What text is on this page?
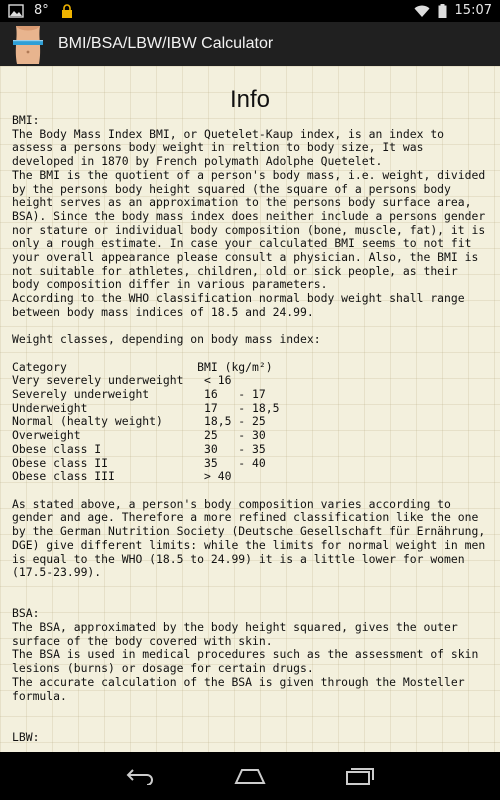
8°	15:07
BMI/BSA/LBW/IBW Calculator
Info
BMI:
The Body Mass Index BMI, or Quetelet-Kaup index, is an index to
assess a persons body weight in reltion to body size, It was
developed in 1870 by French polymath Adolphe Quetelet.
The BMI is the quotient of a person's body mass, i.e. weight, divided
by the persons body height squared (the square of a persons body
height serves as an approximation to the persons body surface area,
BSA). Since the body mass index does neither include a persons gender
nor stature or individual body composition (bone, muscle, fat), it is
only a rough estimate. In case your calculated BMI seems to not fit
your overall appearance please consult a physician. Also, the BMI is
not suitable for athletes, children, old or sick people, as their
body composition differ in various parameters.
According to the WHO classification normal body weight shall range
between body mass indices of 18.5 and 24.99.

Weight classes, depending on body mass index:

Category                   BMI (kg/m²)
Very severely underweight   < 16
Severely underweight        16   - 17
Underweight                 17   - 18,5
Normal (healty weight)      18,5 - 25
Overweight                  25   - 30
Obese class I               30   - 35
Obese class II              35   - 40
Obese class III             > 40

As stated above, a person's body composition varies according to
gender and age. Therefore a more refined classification like the one
by the German Nutrition Society (Deutsche Gesellschaft für Ernährung,
DGE) give different limits: while the limits for normal weight in men
is equal to the WHO (18.5 to 24.99) it is a little lower for women
(17.5-23.99).

BSA:
The BSA, approximated by the body height squared, gives the outer
surface of the body covered with skin.
The BSA is used in medical procedures such as the assessment of skin
lesions (burns) or dosage for certain drugs.
The accurate calculation of the BSA is given through the Mosteller
formula.

LBW:
